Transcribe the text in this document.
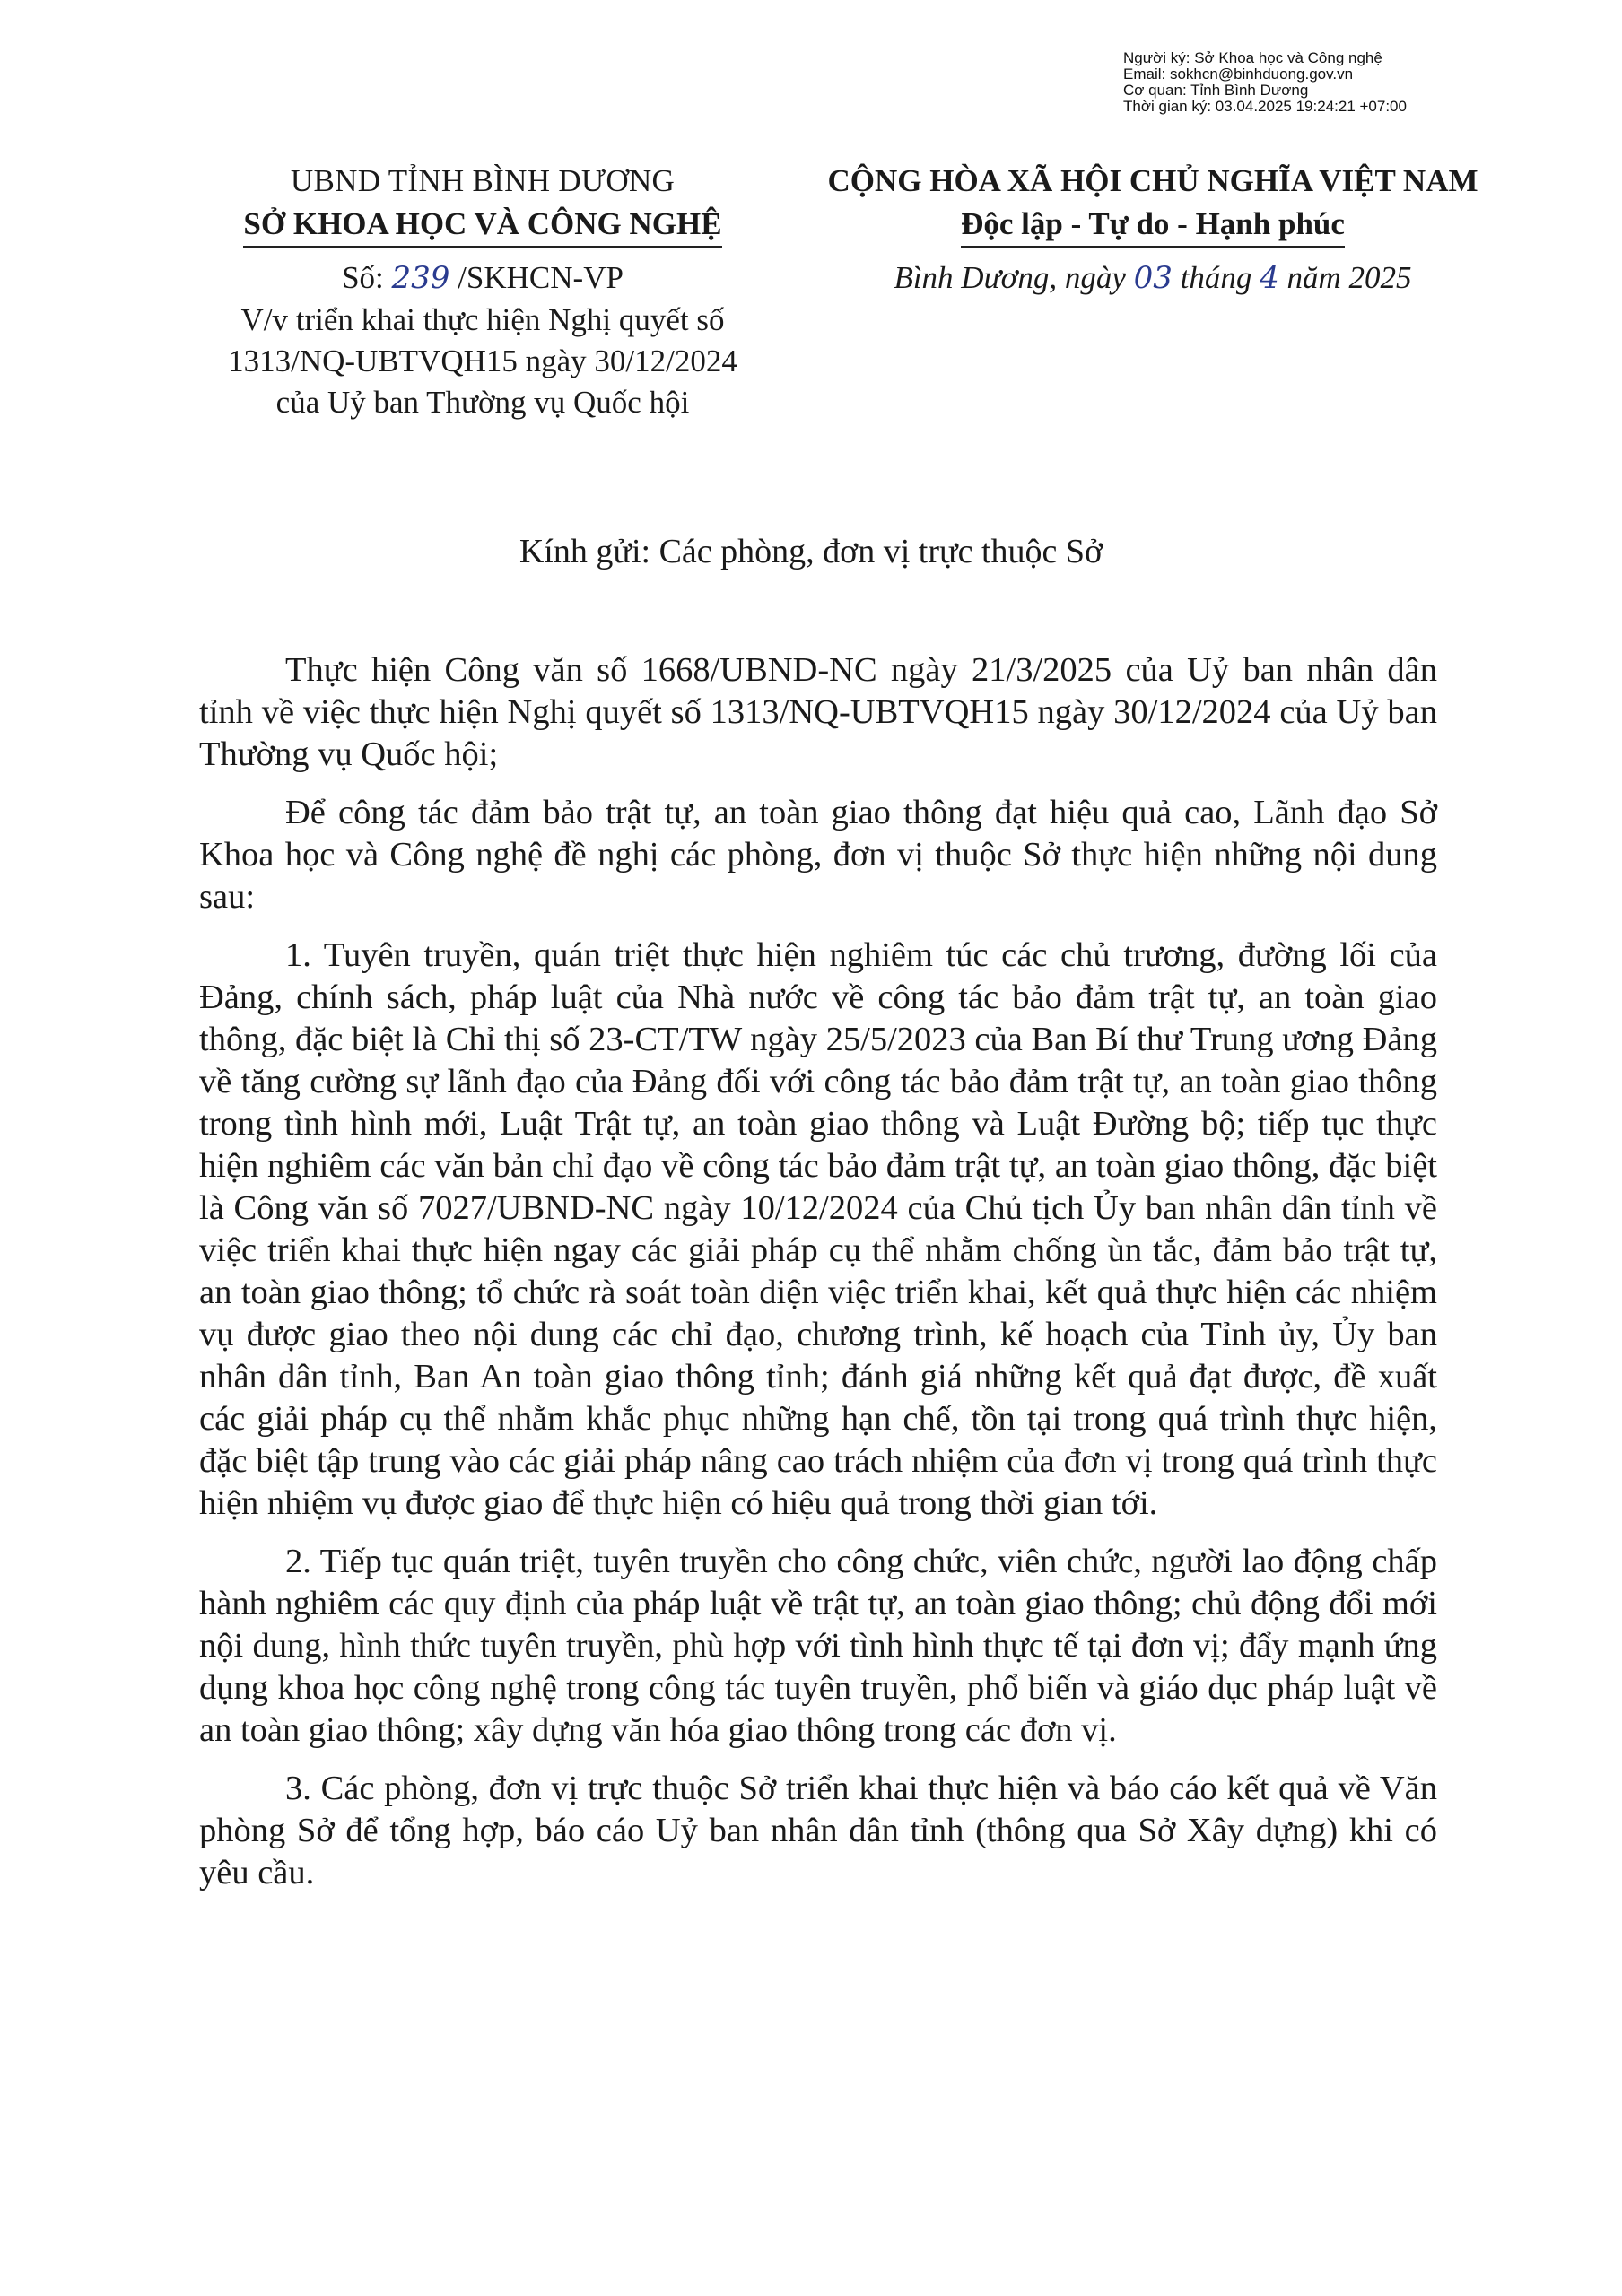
Người ký: Sở Khoa học và Công nghệ
Email: sokhcn@binhduong.gov.vn
Cơ quan: Tỉnh Bình Dương
Thời gian ký: 03.04.2025 19:24:21 +07:00
UBND TỈNH BÌNH DƯƠNG
SỞ KHOA HỌC VÀ CÔNG NGHỆ
CỘNG HÒA XÃ HỘI CHỦ NGHĨA VIỆT NAM
Độc lập - Tự do - Hạnh phúc
Số: 239 /SKHCN-VP
V/v triển khai thực hiện Nghị quyết số
1313/NQ-UBTVQH15 ngày 30/12/2024
của Uỷ ban Thường vụ Quốc hội
Bình Dương, ngày 03 tháng 4 năm 2025
Kính gửi: Các phòng, đơn vị trực thuộc Sở

Thực hiện Công văn số 1668/UBND-NC ngày 21/3/2025 của Uỷ ban nhân dân tỉnh về việc thực hiện Nghị quyết số 1313/NQ-UBTVQH15 ngày 30/12/2024 của Uỷ ban Thường vụ Quốc hội;

Để công tác đảm bảo trật tự, an toàn giao thông đạt hiệu quả cao, Lãnh đạo Sở Khoa học và Công nghệ đề nghị các phòng, đơn vị thuộc Sở thực hiện những nội dung sau:

1. Tuyên truyền, quán triệt thực hiện nghiêm túc các chủ trương, đường lối của Đảng, chính sách, pháp luật của Nhà nước về công tác bảo đảm trật tự, an toàn giao thông, đặc biệt là Chỉ thị số 23-CT/TW ngày 25/5/2023 của Ban Bí thư Trung ương Đảng về tăng cường sự lãnh đạo của Đảng đối với công tác bảo đảm trật tự, an toàn giao thông trong tình hình mới, Luật Trật tự, an toàn giao thông và Luật Đường bộ; tiếp tục thực hiện nghiêm các văn bản chỉ đạo về công tác bảo đảm trật tự, an toàn giao thông, đặc biệt là Công văn số 7027/UBND-NC ngày 10/12/2024 của Chủ tịch Ủy ban nhân dân tỉnh về việc triển khai thực hiện ngay các giải pháp cụ thể nhằm chống ùn tắc, đảm bảo trật tự, an toàn giao thông; tổ chức rà soát toàn diện việc triển khai, kết quả thực hiện các nhiệm vụ được giao theo nội dung các chỉ đạo, chương trình, kế hoạch của Tỉnh ủy, Ủy ban nhân dân tỉnh, Ban An toàn giao thông tỉnh; đánh giá những kết quả đạt được, đề xuất các giải pháp cụ thể nhằm khắc phục những hạn chế, tồn tại trong quá trình thực hiện, đặc biệt tập trung vào các giải pháp nâng cao trách nhiệm của đơn vị trong quá trình thực hiện nhiệm vụ được giao để thực hiện có hiệu quả trong thời gian tới.

2. Tiếp tục quán triệt, tuyên truyền cho công chức, viên chức, người lao động chấp hành nghiêm các quy định của pháp luật về trật tự, an toàn giao thông; chủ động đổi mới nội dung, hình thức tuyên truyền, phù hợp với tình hình thực tế tại đơn vị; đẩy mạnh ứng dụng khoa học công nghệ trong công tác tuyên truyền, phổ biến và giáo dục pháp luật về an toàn giao thông; xây dựng văn hóa giao thông trong các đơn vị.

3. Các phòng, đơn vị trực thuộc Sở triển khai thực hiện và báo cáo kết quả về Văn phòng Sở để tổng hợp, báo cáo Uỷ ban nhân dân tỉnh (thông qua Sở Xây dựng) khi có yêu cầu.
